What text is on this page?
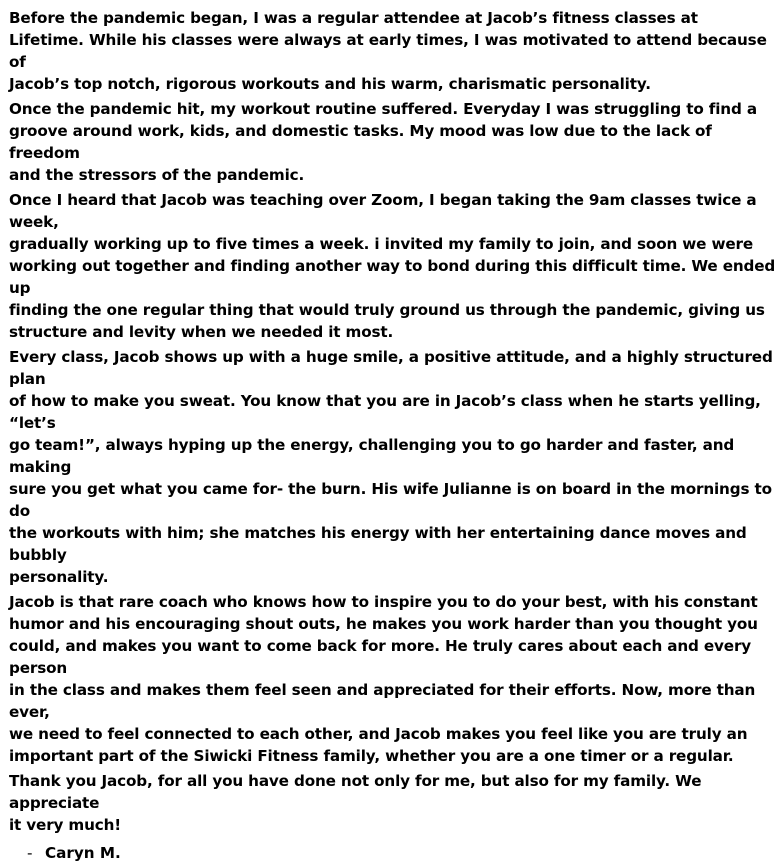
Before the pandemic began, I was a regular attendee at Jacob’s fitness classes at
Lifetime. While his classes were always at early times, I was motivated to attend because of
Jacob’s top notch, rigorous workouts and his warm, charismatic personality.

Once the pandemic hit, my workout routine suffered. Everyday I was struggling to find a
groove around work, kids, and domestic tasks. My mood was low due to the lack of freedom
and the stressors of the pandemic.

Once I heard that Jacob was teaching over Zoom, I began taking the 9am classes twice a week,
gradually working up to five times a week. i invited my family to join, and soon we were
working out together and finding another way to bond during this difficult time. We ended up
finding the one regular thing that would truly ground us through the pandemic, giving us
structure and levity when we needed it most.

Every class, Jacob shows up with a huge smile, a positive attitude, and a highly structured plan
of how to make you sweat. You know that you are in Jacob’s class when he starts yelling, “let’s
go team!”, always hyping up the energy, challenging you to go harder and faster, and making
sure you get what you came for- the burn. His wife Julianne is on board in the mornings to do
the workouts with him; she matches his energy with her entertaining dance moves and bubbly
personality.

Jacob is that rare coach who knows how to inspire you to do your best, with his constant
humor and his encouraging shout outs, he makes you work harder than you thought you
could, and makes you want to come back for more. He truly cares about each and every person
in the class and makes them feel seen and appreciated for their efforts. Now, more than ever,
we need to feel connected to each other, and Jacob makes you feel like you are truly an
important part of the Siwicki Fitness family, whether you are a one timer or a regular.

Thank you Jacob, for all you have done not only for me, but also for my family. We appreciate
it very much!

- Caryn M.
